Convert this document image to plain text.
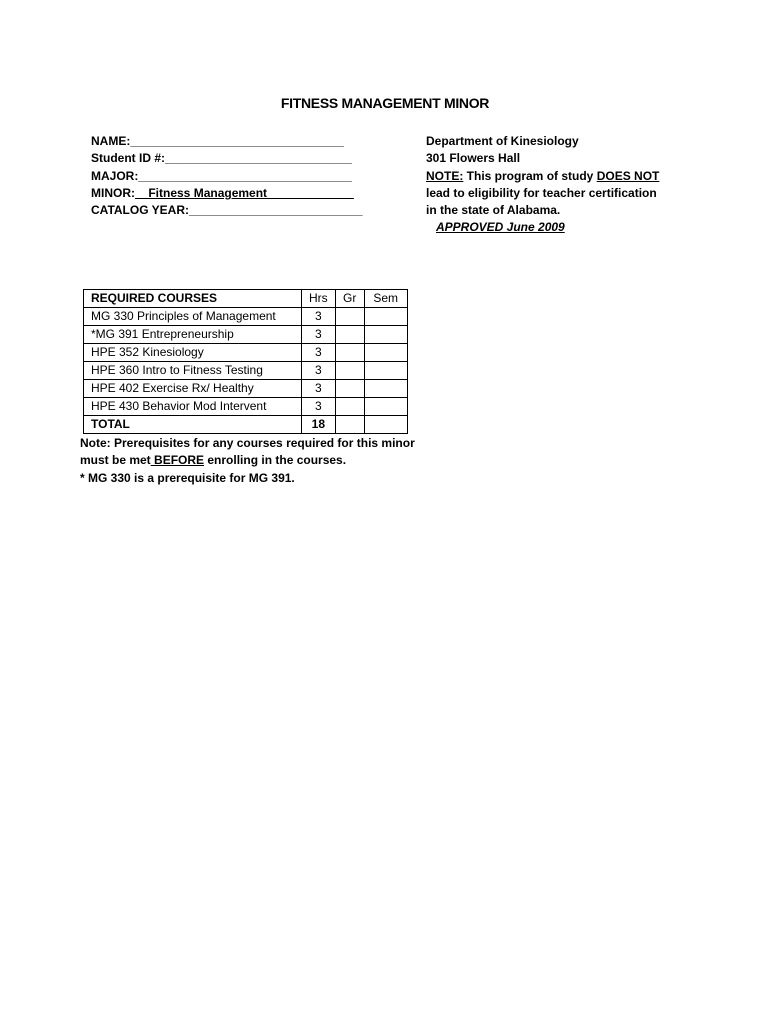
FITNESS MANAGEMENT MINOR
NAME:________________________________
Student ID #:____________________________
MAJOR:________________________________
MINOR:__Fitness Management_____________
CATALOG YEAR:__________________________
Department of Kinesiology
301 Flowers Hall
NOTE: This program of study DOES NOT
lead to eligibility for teacher certification
in the state of Alabama.
APPROVED June 2009
REQUIRED COURSES	Hrs	Gr	Sem
MG 330 Principles of Management	3		
*MG 391 Entrepreneurship	3		
HPE 352 Kinesiology	3		
HPE 360 Intro to Fitness Testing	3		
HPE 402 Exercise Rx/ Healthy	3		
HPE 430 Behavior Mod Intervent	3		
TOTAL	18		
Note: Prerequisites for any courses required for this minor
must be met BEFORE enrolling in the courses.
* MG 330 is a prerequisite for MG 391.
